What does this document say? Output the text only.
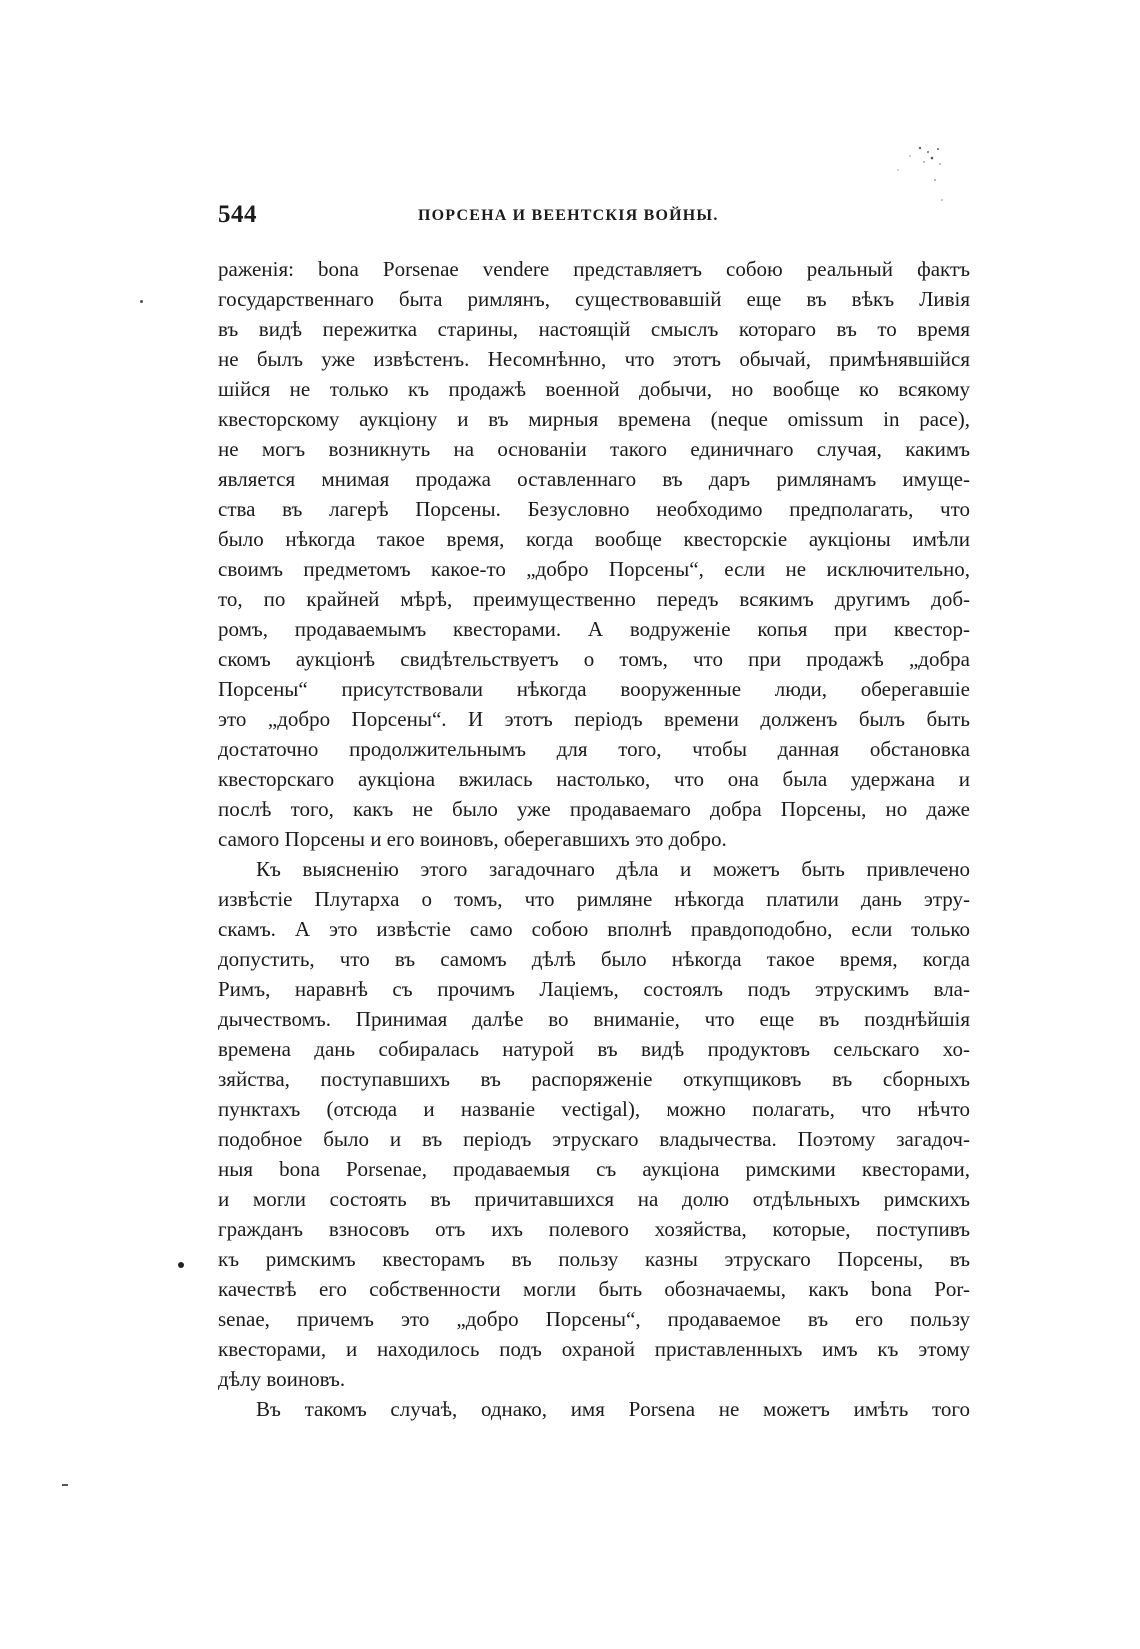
544	ПОРСЕНА И ВЕЕНТСКІЯ ВОЙНЫ.
раженія: bona Porsenae vendere представляетъ собою реальный фактъ
государственнаго быта римлянъ, существовавшій еще въ вѣкъ Ливія
въ видѣ пережитка старины, настоящій смыслъ котораго въ то время
не былъ уже извѣстенъ. Несомнѣнно, что этотъ обычай, примѣнявшійся
шійся не только къ продажѣ военной добычи, но вообще ко всякому
квесторскому аукціону и въ мирныя времена (neque omissum in pace),
не могъ возникнуть на основаніи такого единичнаго случая, какимъ
является мнимая продажа оставленнаго въ даръ римлянамъ имуще-
ства въ лагерѣ Порсены. Безусловно необходимо предполагать, что
было нѣкогда такое время, когда вообще квесторскіе аукціоны имѣли
своимъ предметомъ какое-то „добро Порсены“, если не исключительно,
то, по крайней мѣрѣ, преимущественно передъ всякимъ другимъ доб-
ромъ, продаваемымъ квесторами. А водруженіе копья при квестор-
скомъ аукціонѣ свидѣтельствуетъ о томъ, что при продажѣ „добра
Порсены“ присутствовали нѣкогда вооруженные люди, оберегавшіе
это „добро Порсены“. И этотъ періодъ времени долженъ былъ быть
достаточно продолжительнымъ для того, чтобы данная обстановка
квесторскаго аукціона вжилась настолько, что она была удержана и
послѣ того, какъ не было уже продаваемаго добра Порсены, но даже
самого Порсены и его воиновъ, оберегавшихъ это добро.
Къ выясненію этого загадочнаго дѣла и можетъ быть привлечено
извѣстіе Плутарха о томъ, что римляне нѣкогда платили дань этру-
скамъ. А это извѣстіе само собою вполнѣ правдоподобно, если только
допустить, что въ самомъ дѣлѣ было нѣкогда такое время, когда
Римъ, наравнѣ съ прочимъ Лаціемъ, состоялъ подъ этрускимъ вла-
дычествомъ. Принимая далѣе во вниманіе, что еще въ позднѣйшія
времена дань собиралась натурой въ видѣ продуктовъ сельскаго хо-
зяйства, поступавшихъ въ распоряженіе откупщиковъ въ сборныхъ
пунктахъ (отсюда и названіе vectigal), можно полагать, что нѣчто
подобное было и въ періодъ этрускаго владычества. Поэтому загадоч-
ныя bona Porsenae, продаваемыя съ аукціона римскими квесторами,
и могли состоять въ причитавшихся на долю отдѣльныхъ римскихъ
гражданъ взносовъ отъ ихъ полевого хозяйства, которые, поступивъ
къ римскимъ квесторамъ въ пользу казны этрускаго Порсены, въ
качествѣ его собственности могли быть обозначаемы, какъ bona Por-
senae, причемъ это „добро Порсены“, продаваемое въ его пользу
квесторами, и находилось подъ охраной приставленныхъ имъ къ этому
дѣлу воиновъ.
Въ такомъ случаѣ, однако, имя Porsena не можетъ имѣть того
